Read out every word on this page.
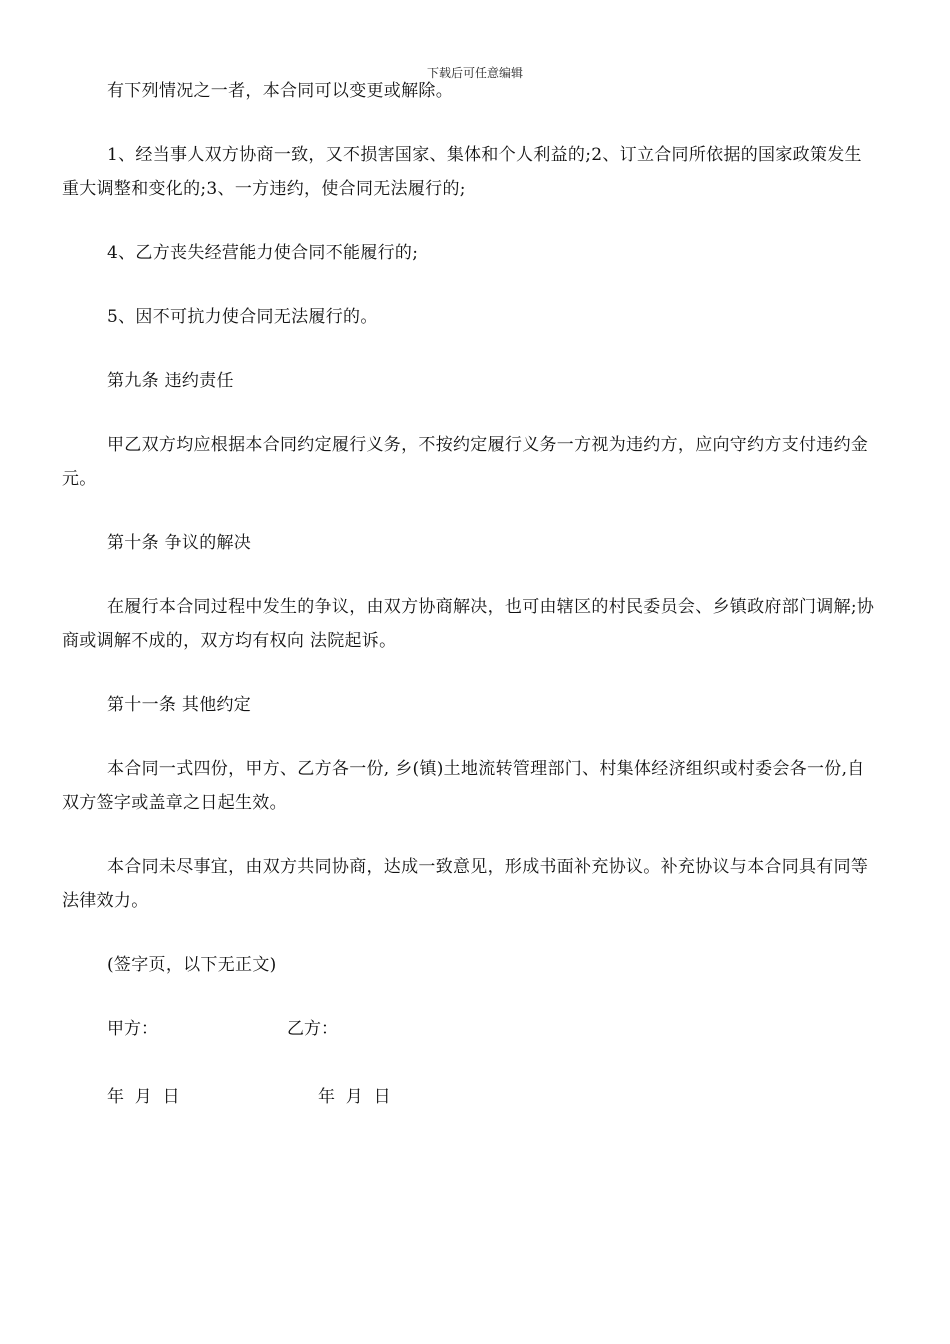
下载后可任意编辑

有下列情况之一者，本合同可以变更或解除。

1、经当事人双方协商一致，又不损害国家、集体和个人利益的;2、订立合同所依据的国家政策发生重大调整和变化的;3、一方违约，使合同无法履行的;

4、乙方丧失经营能力使合同不能履行的;

5、因不可抗力使合同无法履行的。

第九条 违约责任

甲乙双方均应根据本合同约定履行义务，不按约定履行义务一方视为违约方，应向守约方支付违约金 元。

第十条 争议的解决

在履行本合同过程中发生的争议，由双方协商解决，也可由辖区的村民委员会、乡镇政府部门调解;协商或调解不成的，双方均有权向 法院起诉。

第十一条 其他约定

本合同一式四份，甲方、乙方各一份, 乡(镇)土地流转管理部门、村集体经济组织或村委会各一份,自双方签字或盖章之日起生效。

本合同未尽事宜，由双方共同协商，达成一致意见，形成书面补充协议。补充协议与本合同具有同等法律效力。

(签字页，以下无正文)

甲方：	乙方：
年  月  日	年  月  日
